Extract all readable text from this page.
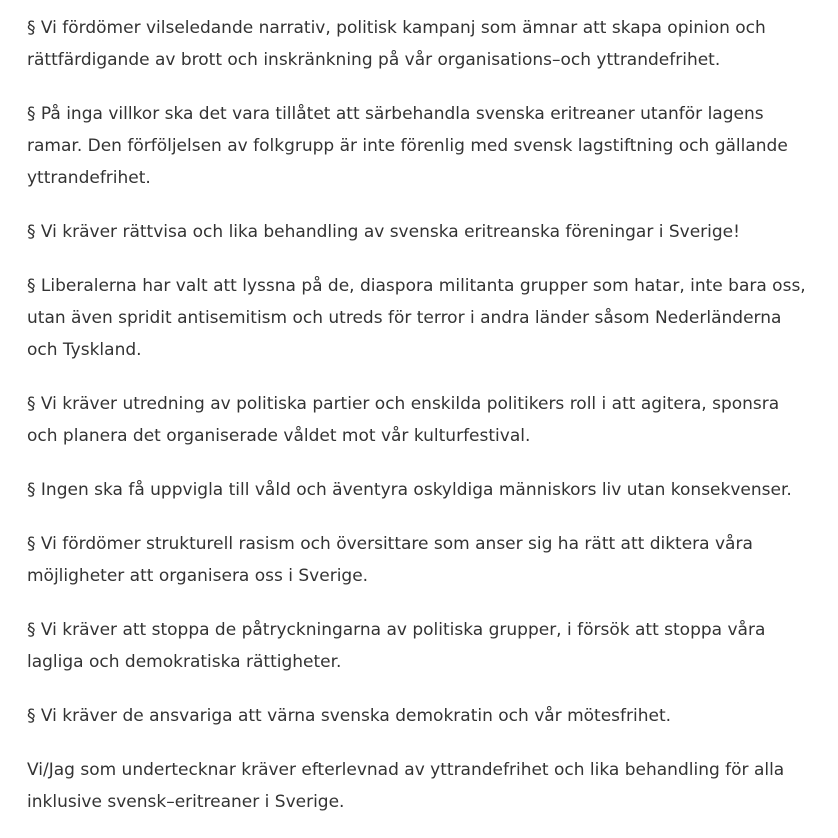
§ Vi fördömer vilseledande narrativ, politisk kampanj som ämnar att skapa opinion och
rättfärdigande av brott och inskränkning på vår organisations–och yttrandefrihet.

§ På inga villkor ska det vara tillåtet att särbehandla svenska eritreaner utanför lagens
ramar. Den förföljelsen av folkgrupp är inte förenlig med svensk lagstiftning och gällande
yttrandefrihet.

§ Vi kräver rättvisa och lika behandling av svenska eritreanska föreningar i Sverige!

§ Liberalerna har valt att lyssna på de, diaspora militanta grupper som hatar, inte bara oss,
utan även spridit antisemitism och utreds för terror i andra länder såsom Nederländerna
och Tyskland.

§ Vi kräver utredning av politiska partier och enskilda politikers roll i att agitera, sponsra
och planera det organiserade våldet mot vår kulturfestival.

§ Ingen ska få uppvigla till våld och äventyra oskyldiga människors liv utan konsekvenser.

§ Vi fördömer strukturell rasism och översittare som anser sig ha rätt att diktera våra
möjligheter att organisera oss i Sverige.

§ Vi kräver att stoppa de påtryckningarna av politiska grupper, i försök att stoppa våra
lagliga och demokratiska rättigheter.

§ Vi kräver de ansvariga att värna svenska demokratin och vår mötesfrihet.

Vi/Jag som undertecknar kräver efterlevnad av yttrandefrihet och lika behandling för alla
inklusive svensk–eritreaner i Sverige.
